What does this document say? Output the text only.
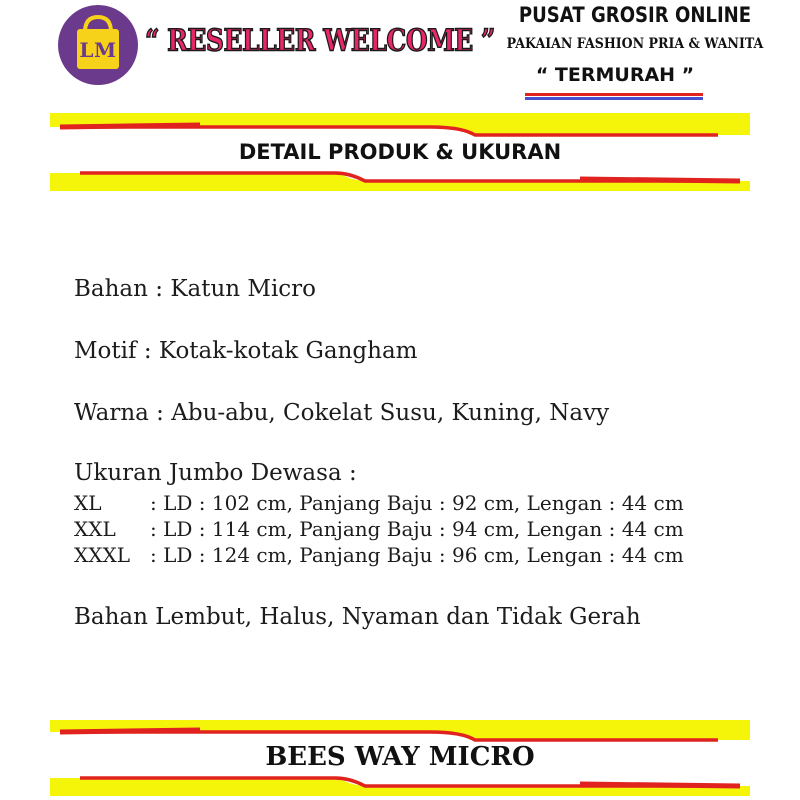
LM	“ RESELLER WELCOME ”
PUSAT GROSIR ONLINE
PAKAIAN FASHION PRIA & WANITA
“ TERMURAH ”
DETAIL PRODUK & UKURAN
Bahan : Katun Micro
Motif : Kotak-kotak Gangham
Warna : Abu-abu, Cokelat Susu, Kuning, Navy
Ukuran Jumbo Dewasa :
XL : LD : 102 cm, Panjang Baju : 92 cm, Lengan : 44 cm
XXL : LD : 114 cm, Panjang Baju : 94 cm, Lengan : 44 cm
XXXL : LD : 124 cm, Panjang Baju : 96 cm, Lengan : 44 cm
Bahan Lembut, Halus, Nyaman dan Tidak Gerah
BEES WAY MICRO
